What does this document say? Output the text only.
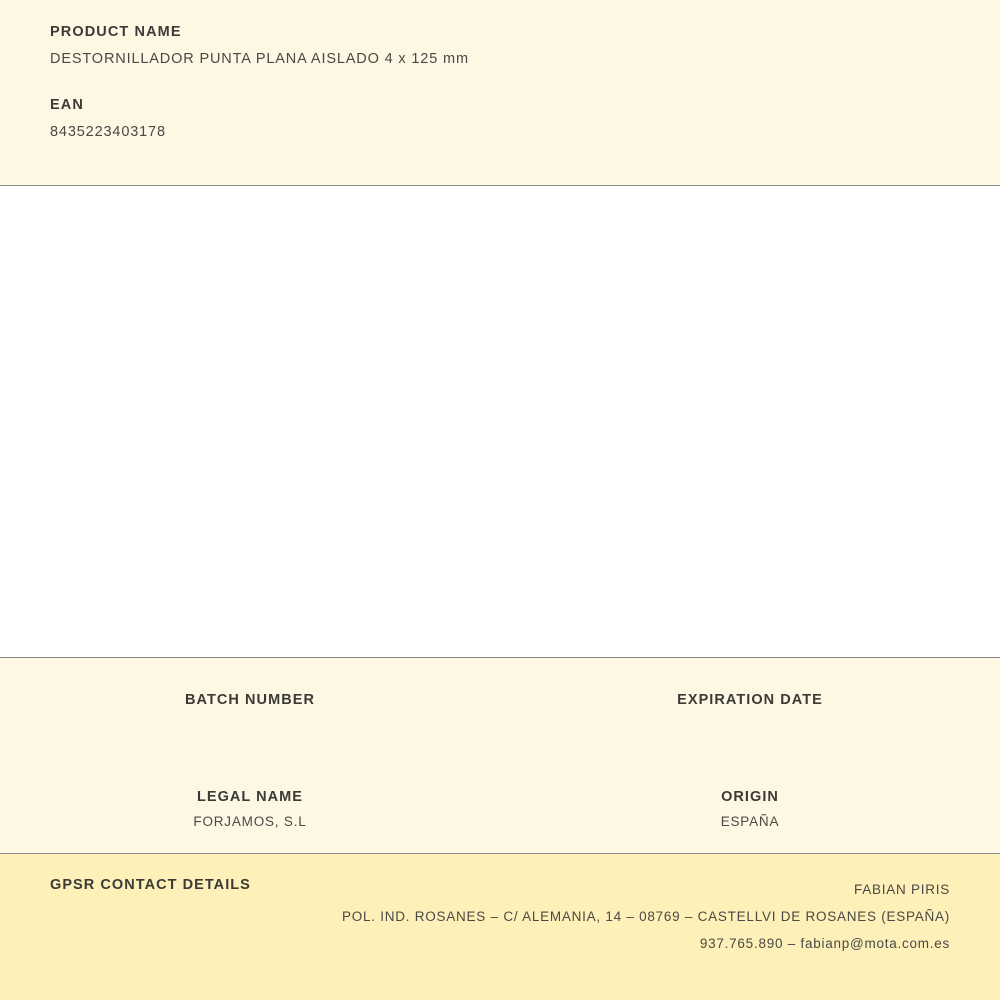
PRODUCT NAME

DESTORNILLADOR PUNTA PLANA AISLADO 4 x 125 mm

EAN

8435223403178

BATCH NUMBER	EXPIRATION DATE

LEGAL NAME

FORJAMOS, S.L

ORIGIN

ESPAÑA

GPSR CONTACT DETAILS	FABIAN PIRIS
POL. IND. ROSANES – C/ ALEMANIA, 14 – 08769 – CASTELLVI DE ROSANES (ESPAÑA)
937.765.890 – fabianp@mota.com.es
